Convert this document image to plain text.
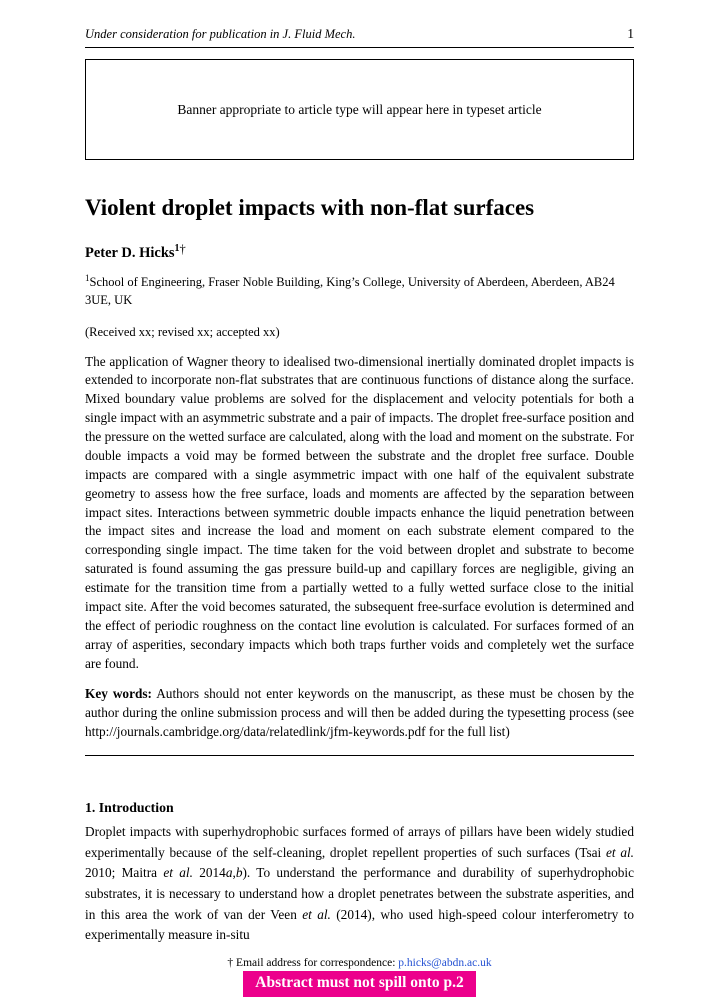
Under consideration for publication in J. Fluid Mech.	1
Banner appropriate to article type will appear here in typeset article
Violent droplet impacts with non-flat surfaces

Peter D. Hicks$^1$†

$^1$School of Engineering, Fraser Noble Building, King’s College, University of Aberdeen, Aberdeen, AB24 3UE, UK

(Received xx; revised xx; accepted xx)

The application of Wagner theory to idealised two-dimensional inertially dominated droplet impacts is extended to incorporate non-flat substrates that are continuous functions of distance along the surface. Mixed boundary value problems are solved for the displacement and velocity potentials for both a single impact with an asymmetric substrate and a pair of impacts. The droplet free-surface position and the pressure on the wetted surface are calculated, along with the load and moment on the substrate. For double impacts a void may be formed between the substrate and the droplet free surface. Double impacts are compared with a single asymmetric impact with one half of the equivalent substrate geometry to assess how the free surface, loads and moments are affected by the separation between impact sites. Interactions between symmetric double impacts enhance the liquid penetration between the impact sites and increase the load and moment on each substrate element compared to the corresponding single impact. The time taken for the void between droplet and substrate to become saturated is found assuming the gas pressure build-up and capillary forces are negligible, giving an estimate for the transition time from a partially wetted to a fully wetted surface close to the initial impact site. After the void becomes saturated, the subsequent free-surface evolution is determined and the effect of periodic roughness on the contact line evolution is calculated. For surfaces formed of an array of asperities, secondary impacts which both traps further voids and completely wet the surface are found.

Key words: Authors should not enter keywords on the manuscript, as these must be chosen by the author during the online submission process and will then be added during the typesetting process (see http://journals.cambridge.org/data/relatedlink/jfm-keywords.pdf for the full list)

1. Introduction

Droplet impacts with superhydrophobic surfaces formed of arrays of pillars have been widely studied experimentally because of the self-cleaning, droplet repellent properties of such surfaces (Tsai et al. 2010; Maitra et al. 2014a,b). To understand the performance and durability of superhydrophobic substrates, it is necessary to understand how a droplet penetrates between the substrate asperities, and in this area the work of van der Veen et al. (2014), who used high-speed colour interferometry to experimentally measure in-situ

† Email address for correspondence: p.hicks@abdn.ac.uk

Abstract must not spill onto p.2
